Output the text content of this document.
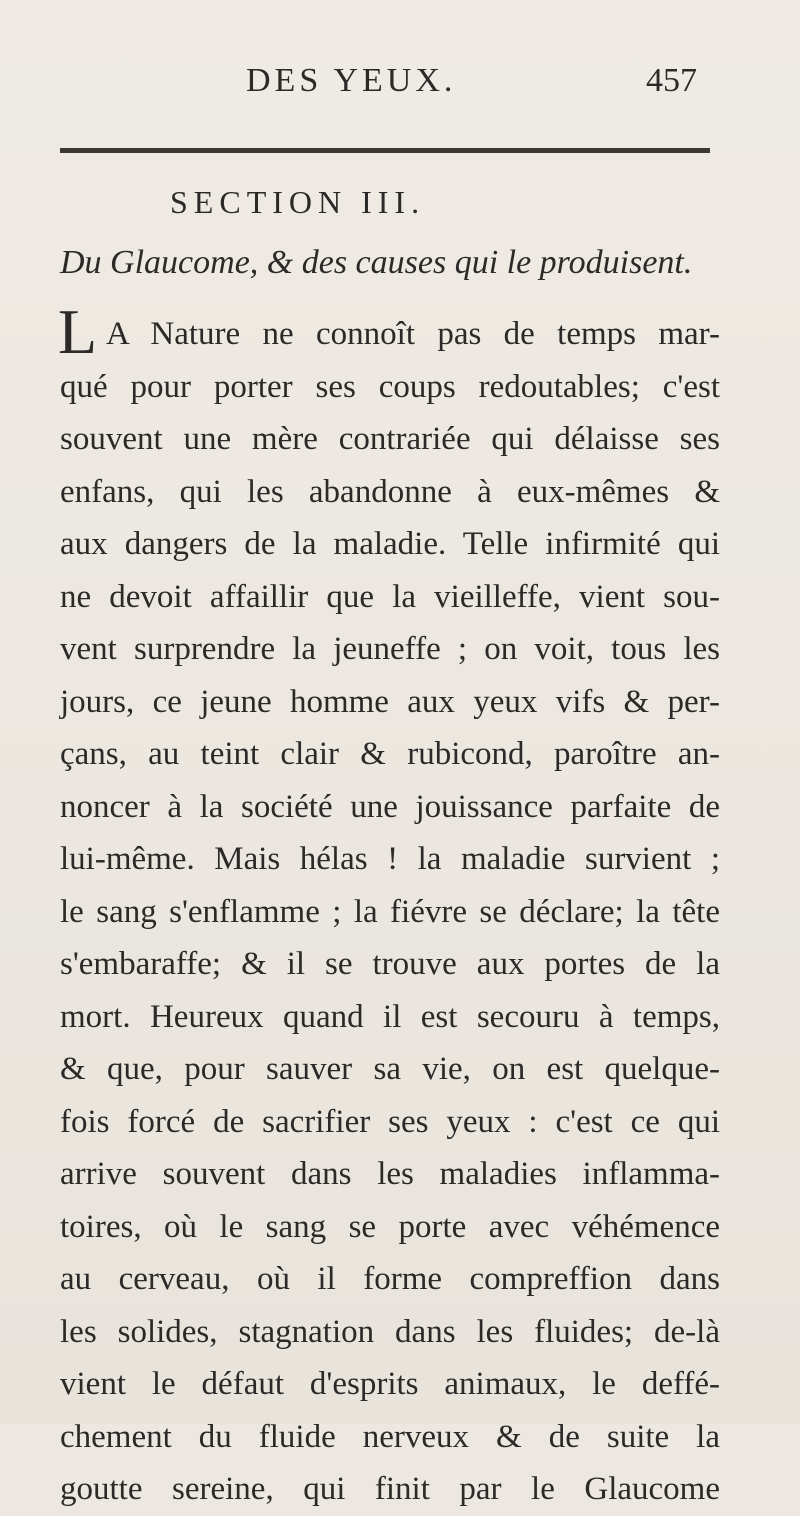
DES YEUX.	457
SECTION III.
Du Glaucome, & des causes qui le produisent.
L A Nature ne connoît pas de temps mar-
qué pour porter ses coups redoutables; c'est
souvent une mère contrariée qui délaisse ses
enfans, qui les abandonne à eux-mêmes &
aux dangers de la maladie. Telle infirmité qui
ne devoit affaillir que la vieilleffe, vient sou-
vent surprendre la jeuneffe ; on voit, tous les
jours, ce jeune homme aux yeux vifs & per-
çans, au teint clair & rubicond, paroître an-
noncer à la société une jouissance parfaite de
lui-même. Mais hélas ! la maladie survient ;
le sang s'enflamme ; la fiévre se déclare; la tête
s'embaraffe; & il se trouve aux portes de la
mort. Heureux quand il est secouru à temps,
& que, pour sauver sa vie, on est quelque-
fois forcé de sacrifier ses yeux : c'est ce qui
arrive souvent dans les maladies inflamma-
toires, où le sang se porte avec véhémence
au cerveau, où il forme compreffion dans
les solides, stagnation dans les fluides; de-là
vient le défaut d'esprits animaux, le deffé-
chement du fluide nerveux & de suite la
goutte sereine, qui finit par le Glaucome
